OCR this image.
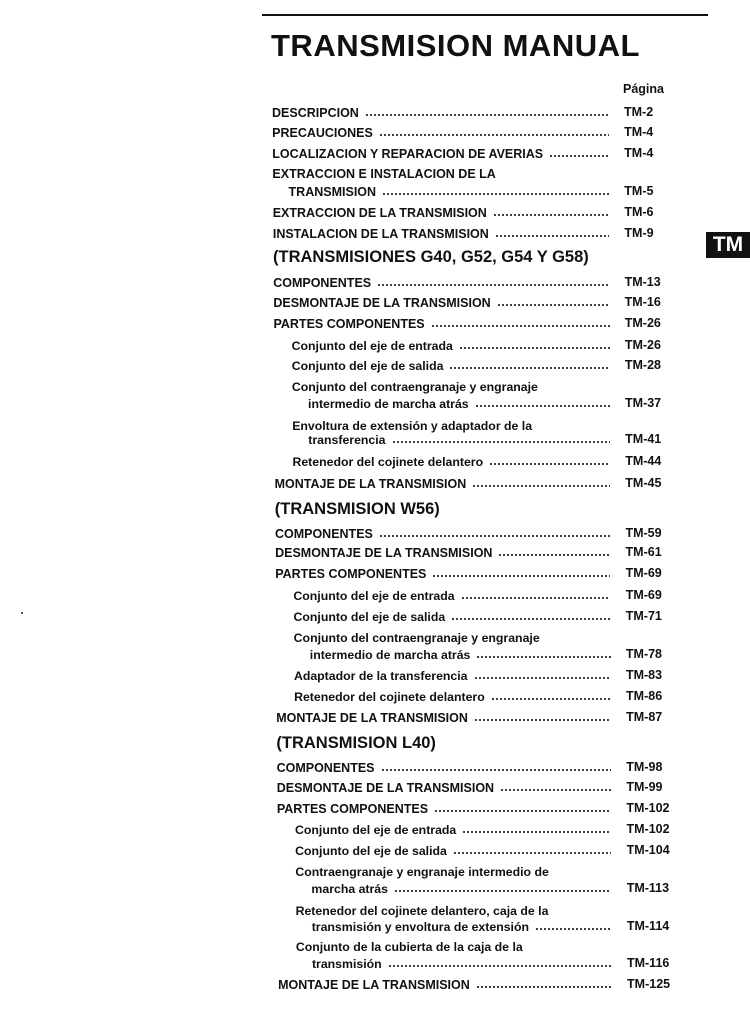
TRANSMISION MANUAL
Página
TM
TM-2
DESCRIPCION
TM-4
PRECAUCIONES
TM-4
LOCALIZACION Y REPARACION DE AVERIAS
EXTRACCION E INSTALACION DE LA
TM-5
TRANSMISION
TM-6
EXTRACCION DE LA TRANSMISION
TM-9
INSTALACION DE LA TRANSMISION
(TRANSMISIONES G40, G52, G54 Y G58)
TM-13
COMPONENTES
TM-16
DESMONTAJE DE LA TRANSMISION
TM-26
PARTES COMPONENTES
TM-26
Conjunto del eje de entrada
TM-28
Conjunto del eje de salida
Conjunto del contraengranaje y engranaje
TM-37
intermedio de marcha atrás
Envoltura de extensión y adaptador de la
TM-41
transferencia
TM-44
Retenedor del cojinete delantero
TM-45
MONTAJE DE LA TRANSMISION
(TRANSMISION W56)
TM-59
COMPONENTES
TM-61
DESMONTAJE DE LA TRANSMISION
TM-69
PARTES COMPONENTES
TM-69
Conjunto del eje de entrada
TM-71
Conjunto del eje de salida
Conjunto del contraengranaje y engranaje
TM-78
intermedio de marcha atrás
TM-83
Adaptador de la transferencia
TM-86
Retenedor del cojinete delantero
TM-87
MONTAJE DE LA TRANSMISION
(TRANSMISION L40)
TM-98
COMPONENTES
TM-99
DESMONTAJE DE LA TRANSMISION
TM-102
PARTES COMPONENTES
TM-102
Conjunto del eje de entrada
TM-104
Conjunto del eje de salida
Contraengranaje y engranaje intermedio de
TM-113
marcha atrás
Retenedor del cojinete delantero, caja de la
TM-114
transmisión y envoltura de extensión
Conjunto de la cubierta de la caja de la
TM-116
transmisión
TM-125
MONTAJE DE LA TRANSMISION
